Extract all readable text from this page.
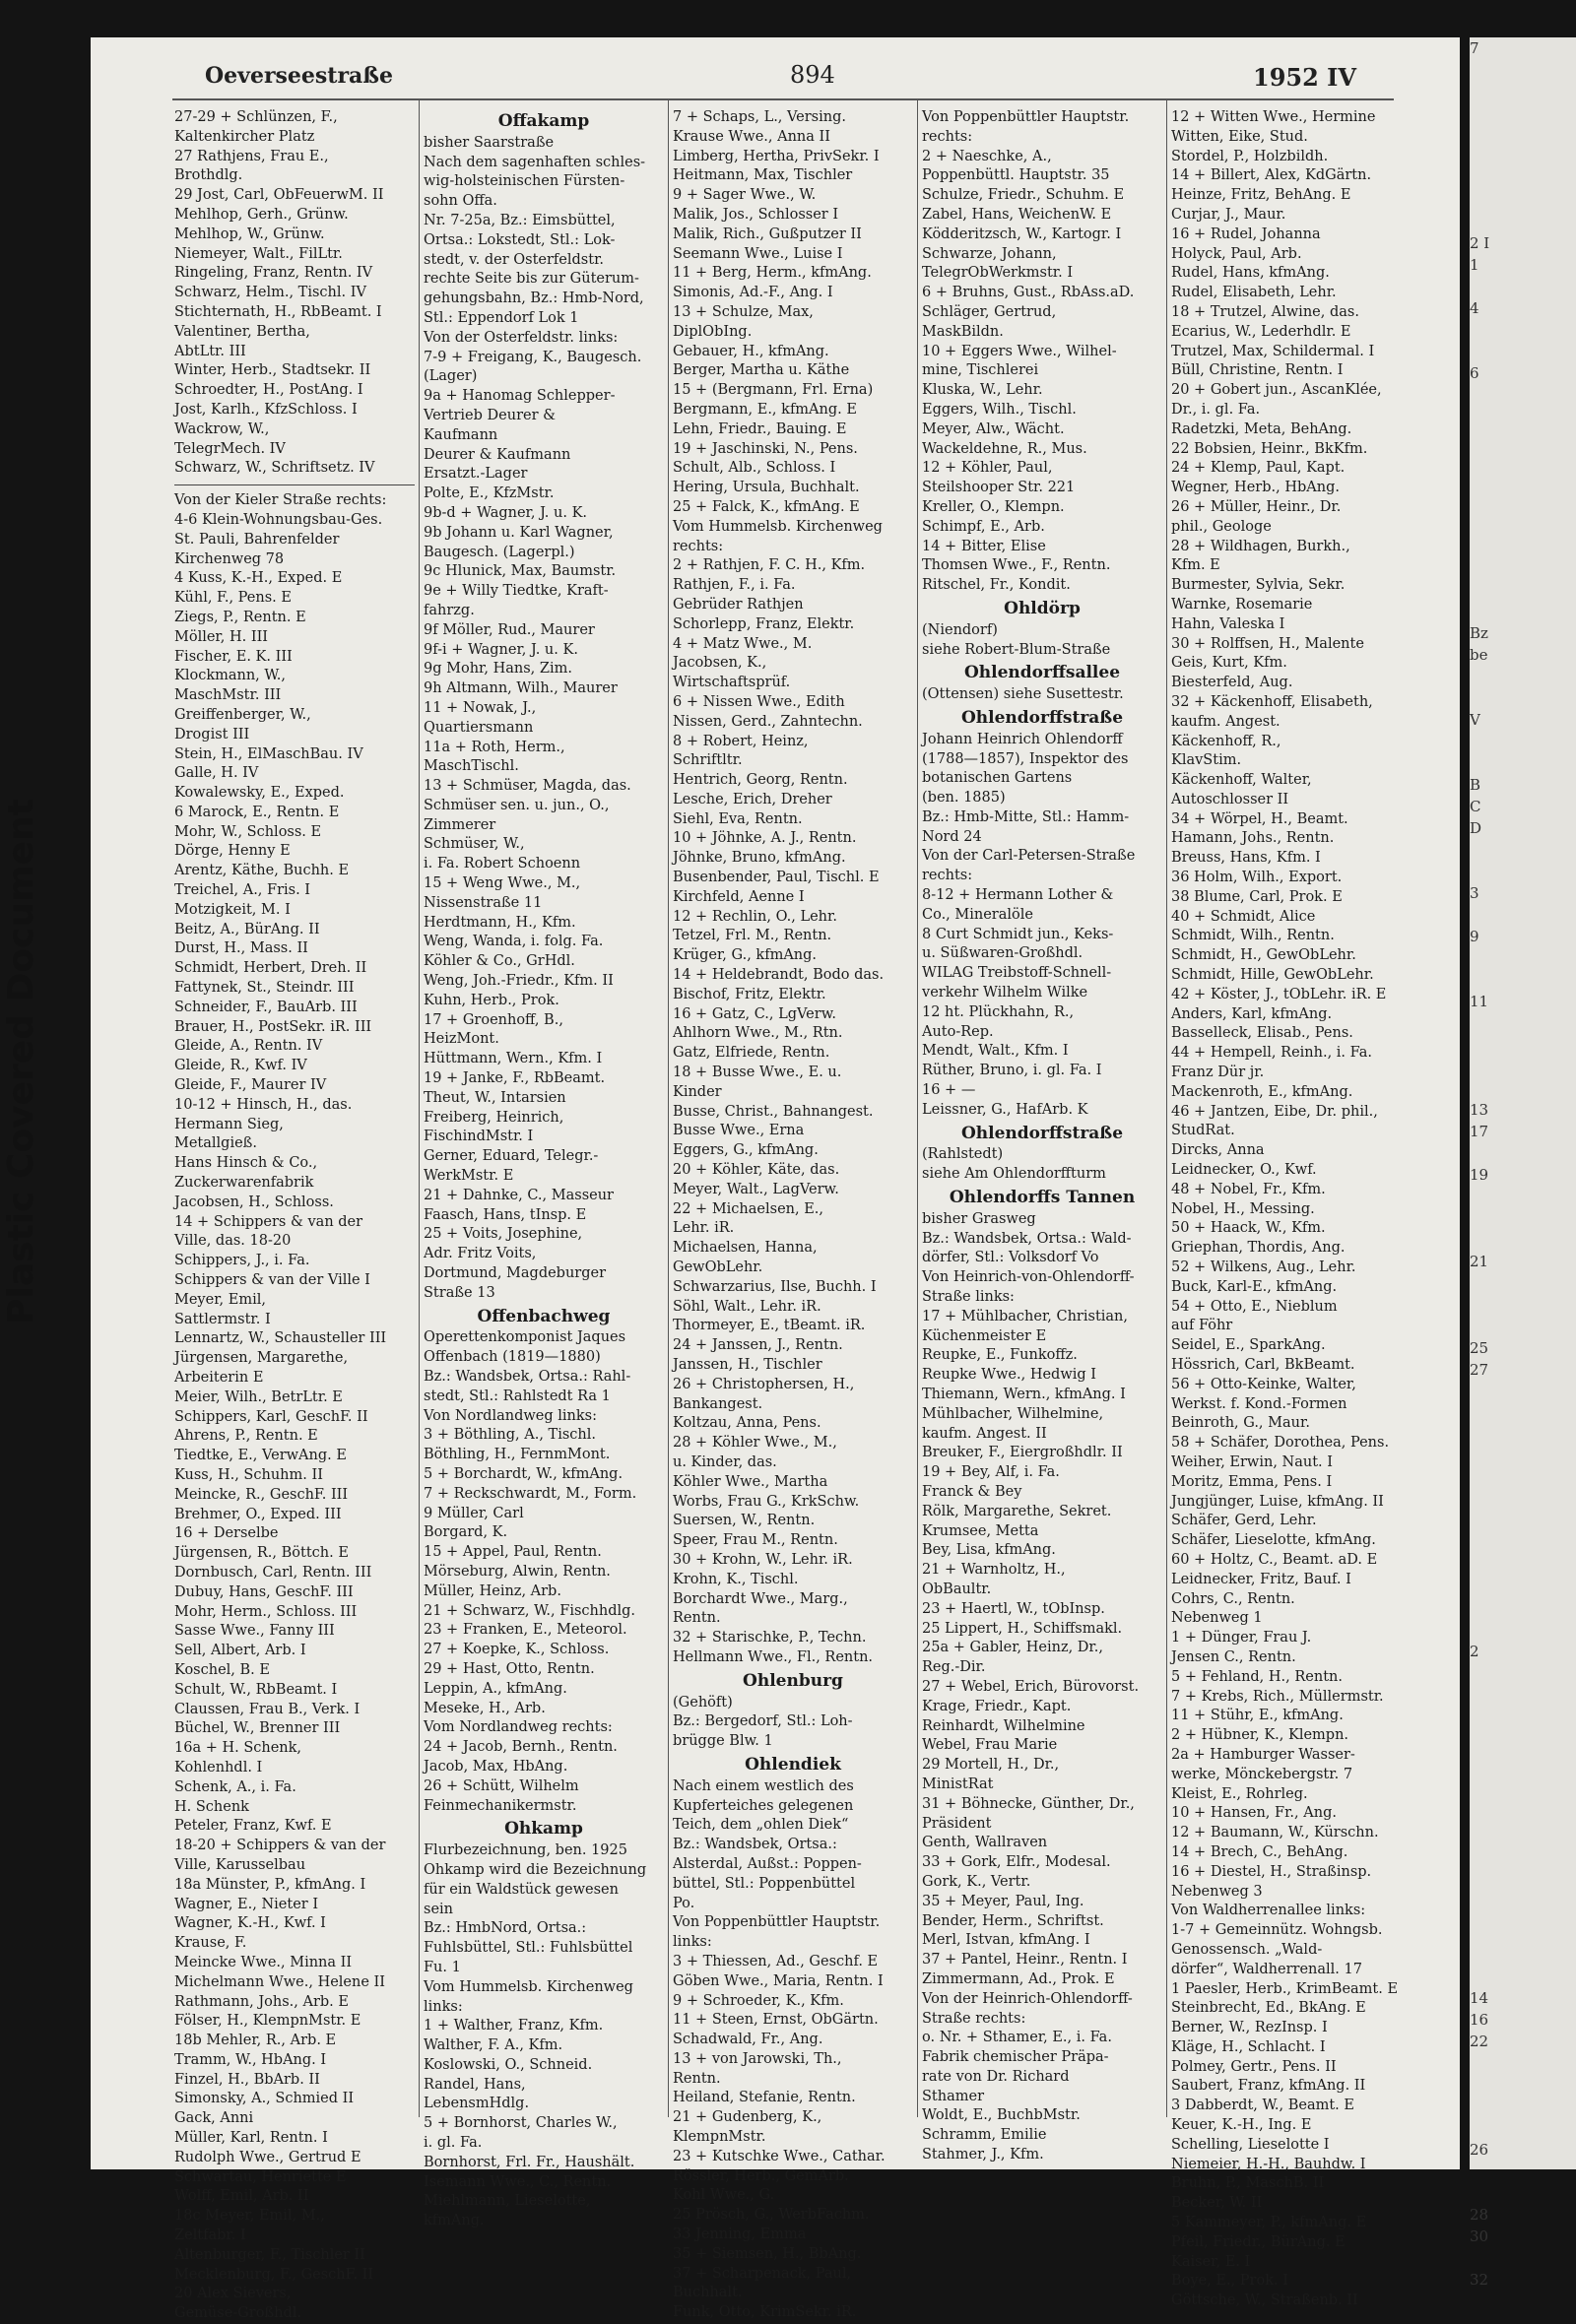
7

2 I
1

4

6

Bz
be

V

B
C
D

3

9

11

13
17

19

21

25
27

2

14
16
22

26

28
30

32
Plastic Covered Document
Oeverseestraße	894	1952 IV
27-29 + Schlünzen, F.,
Kaltenkircher Platz
27 Rathjens, Frau E.,
Brothdlg.
29 Jost, Carl, ObFeuerwM. II
Mehlhop, Gerh., Grünw.
Mehlhop, W., Grünw.
Niemeyer, Walt., FilLtr.
Ringeling, Franz, Rentn. IV
Schwarz, Helm., Tischl. IV
Stichternath, H., RbBeamt. I
Valentiner, Bertha,
AbtLtr. III
Winter, Herb., Stadtsekr. II
Schroedter, H., PostAng. I
Jost, Karlh., KfzSchloss. I
Wackrow, W.,
TelegrMech. IV
Schwarz, W., Schriftsetz. IV
Von der Kieler Straße rechts:
4-6 Klein-Wohnungsbau-Ges.
St. Pauli, Bahrenfelder
Kirchenweg 78
4 Kuss, K.-H., Exped. E
Kühl, F., Pens. E
Ziegs, P., Rentn. E
Möller, H. III
Fischer, E. K. III
Klockmann, W.,
MaschMstr. III
Greiffenberger, W.,
Drogist III
Stein, H., ElMaschBau. IV
Galle, H. IV
Kowalewsky, E., Exped.
6 Marock, E., Rentn. E
Mohr, W., Schloss. E
Dörge, Henny E
Arentz, Käthe, Buchh. E
Treichel, A., Fris. I
Motzigkeit, M. I
Beitz, A., BürAng. II
Durst, H., Mass. II
Schmidt, Herbert, Dreh. II
Fattynek, St., Steindr. III
Schneider, F., BauArb. III
Brauer, H., PostSekr. iR. III
Gleide, A., Rentn. IV
Gleide, R., Kwf. IV
Gleide, F., Maurer IV
10-12 + Hinsch, H., das.
Hermann Sieg,
Metallgieß.
Hans Hinsch & Co.,
Zuckerwarenfabrik
Jacobsen, H., Schloss.
14 + Schippers & van der
Ville, das. 18-20
Schippers, J., i. Fa.
Schippers & van der Ville I
Meyer, Emil,
Sattlermstr. I
Lennartz, W., Schausteller III
Jürgensen, Margarethe,
Arbeiterin E
Meier, Wilh., BetrLtr. E
Schippers, Karl, GeschF. II
Ahrens, P., Rentn. E
Tiedtke, E., VerwAng. E
Kuss, H., Schuhm. II
Meincke, R., GeschF. III
Brehmer, O., Exped. III
16 + Derselbe
Jürgensen, R., Böttch. E
Dornbusch, Carl, Rentn. III
Dubuy, Hans, GeschF. III
Mohr, Herm., Schloss. III
Sasse Wwe., Fanny III
Sell, Albert, Arb. I
Koschel, B. E
Schult, W., RbBeamt. I
Claussen, Frau B., Verk. I
Büchel, W., Brenner III
16a + H. Schenk,
Kohlenhdl. I
Schenk, A., i. Fa.
H. Schenk
Peteler, Franz, Kwf. E
18-20 + Schippers & van der
Ville, Karusselbau
18a Münster, P., kfmAng. I
Wagner, E., Nieter I
Wagner, K.-H., Kwf. I
Krause, F.
Meincke Wwe., Minna II
Michelmann Wwe., Helene II
Rathmann, Johs., Arb. E
Fölser, H., KlempnMstr. E
18b Mehler, R., Arb. E
Tramm, W., HbAng. I
Finzel, H., BbArb. II
Simonsky, A., Schmied II
Gack, Anni
Müller, Karl, Rentn. I
Rudolph Wwe., Gertrud E
Schwartau, Henriette E
Wolff, Emil, Arb. II
18c Meyer, Emil, M.,
Zeltfabr. I
Altenburger, F., Tischler II
Mecklenburg, F., GeschF. II
20 Alex Sievers,
Gemüse-Großhdl.
Offakamp
bisher Saarstraße
Nach dem sagenhaften schles-
wig-holsteinischen Fürsten-
sohn Offa.
Nr. 7-25a, Bz.: Eimsbüttel,
Ortsa.: Lokstedt, Stl.: Lok-
stedt, v. der Osterfeldstr.
rechte Seite bis zur Güterum-
gehungsbahn, Bz.: Hmb-Nord,
Stl.: Eppendorf Lok 1
Von der Osterfeldstr. links:
7-9 + Freigang, K., Baugesch.
(Lager)
9a + Hanomag Schlepper-
Vertrieb Deurer &
Kaufmann
Deurer & Kaufmann
Ersatzt.-Lager
Polte, E., KfzMstr.
9b-d + Wagner, J. u. K.
9b Johann u. Karl Wagner,
Baugesch. (Lagerpl.)
9c Hlunick, Max, Baumstr.
9e + Willy Tiedtke, Kraft-
fahrzg.
9f Möller, Rud., Maurer
9f-i + Wagner, J. u. K.
9g Mohr, Hans, Zim.
9h Altmann, Wilh., Maurer
11 + Nowak, J.,
Quartiersmann
11a + Roth, Herm.,
MaschTischl.
13 + Schmüser, Magda, das.
Schmüser sen. u. jun., O.,
Zimmerer
Schmüser, W.,
i. Fa. Robert Schoenn
15 + Weng Wwe., M.,
Nissenstraße 11
Herdtmann, H., Kfm.
Weng, Wanda, i. folg. Fa.
Köhler & Co., GrHdl.
Weng, Joh.-Friedr., Kfm. II
Kuhn, Herb., Prok.
17 + Groenhoff, B.,
HeizMont.
Hüttmann, Wern., Kfm. I
19 + Janke, F., RbBeamt.
Theut, W., Intarsien
Freiberg, Heinrich,
FischindMstr. I
Gerner, Eduard, Telegr.-
WerkMstr. E
21 + Dahnke, C., Masseur
Faasch, Hans, tInsp. E
25 + Voits, Josephine,
Adr. Fritz Voits,
Dortmund, Magdeburger
Straße 13
Offenbachweg
Operettenkomponist Jaques
Offenbach (1819—1880)
Bz.: Wandsbek, Ortsa.: Rahl-
stedt, Stl.: Rahlstedt Ra 1
Von Nordlandweg links:
3 + Böthling, A., Tischl.
Böthling, H., FernmMont.
5 + Borchardt, W., kfmAng.
7 + Reckschwardt, M., Form.
9 Müller, Carl
Borgard, K.
15 + Appel, Paul, Rentn.
Mörseburg, Alwin, Rentn.
Müller, Heinz, Arb.
21 + Schwarz, W., Fischhdlg.
23 + Franken, E., Meteorol.
27 + Koepke, K., Schloss.
29 + Hast, Otto, Rentn.
Leppin, A., kfmAng.
Meseke, H., Arb.
Vom Nordlandweg rechts:
24 + Jacob, Bernh., Rentn.
Jacob, Max, HbAng.
26 + Schütt, Wilhelm
Feinmechanikermstr.
Ohkamp
Flurbezeichnung, ben. 1925
Ohkamp wird die Bezeichnung
für ein Waldstück gewesen
sein
Bz.: HmbNord, Ortsa.:
Fuhlsbüttel, Stl.: Fuhlsbüttel
Fu. 1
Vom Hummelsb. Kirchenweg
links:
1 + Walther, Franz, Kfm.
Walther, F. A., Kfm.
Koslowski, O., Schneid.
Randel, Hans,
LebensmHdlg.
5 + Bornhorst, Charles W.,
i. gl. Fa.
Bornhorst, Frl. Fr., Haushält.
Isemann Wwe., C., Rentn.
Miehlmann, Lieselotte,
kfmAng.
7 + Schaps, L., Versing.
Krause Wwe., Anna II
Limberg, Hertha, PrivSekr. I
Heitmann, Max, Tischler
9 + Sager Wwe., W.
Malik, Jos., Schlosser I
Malik, Rich., Gußputzer II
Seemann Wwe., Luise I
11 + Berg, Herm., kfmAng.
Simonis, Ad.-F., Ang. I
13 + Schulze, Max,
DiplObIng.
Gebauer, H., kfmAng.
Berger, Martha u. Käthe
15 + (Bergmann, Frl. Erna)
Bergmann, E., kfmAng. E
Lehn, Friedr., Bauing. E
19 + Jaschinski, N., Pens.
Schult, Alb., Schloss. I
Hering, Ursula, Buchhalt.
25 + Falck, K., kfmAng. E
Vom Hummelsb. Kirchenweg
rechts:
2 + Rathjen, F. C. H., Kfm.
Rathjen, F., i. Fa.
Gebrüder Rathjen
Schorlepp, Franz, Elektr.
4 + Matz Wwe., M.
Jacobsen, K.,
Wirtschaftsprüf.
6 + Nissen Wwe., Edith
Nissen, Gerd., Zahntechn.
8 + Robert, Heinz,
Schriftltr.
Hentrich, Georg, Rentn.
Lesche, Erich, Dreher
Siehl, Eva, Rentn.
10 + Jöhnke, A. J., Rentn.
Jöhnke, Bruno, kfmAng.
Busenbender, Paul, Tischl. E
Kirchfeld, Aenne I
12 + Rechlin, O., Lehr.
Tetzel, Frl. M., Rentn.
Krüger, G., kfmAng.
14 + Heldebrandt, Bodo das.
Bischof, Fritz, Elektr.
16 + Gatz, C., LgVerw.
Ahlhorn Wwe., M., Rtn.
Gatz, Elfriede, Rentn.
18 + Busse Wwe., E. u.
Kinder
Busse, Christ., Bahnangest.
Busse Wwe., Erna
Eggers, G., kfmAng.
20 + Köhler, Käte, das.
Meyer, Walt., LagVerw.
22 + Michaelsen, E.,
Lehr. iR.
Michaelsen, Hanna,
GewObLehr.
Schwarzarius, Ilse, Buchh. I
Söhl, Walt., Lehr. iR.
Thormeyer, E., tBeamt. iR.
24 + Janssen, J., Rentn.
Janssen, H., Tischler
26 + Christophersen, H.,
Bankangest.
Koltzau, Anna, Pens.
28 + Köhler Wwe., M.,
u. Kinder, das.
Köhler Wwe., Martha
Worbs, Frau G., KrkSchw.
Suersen, W., Rentn.
Speer, Frau M., Rentn.
30 + Krohn, W., Lehr. iR.
Krohn, K., Tischl.
Borchardt Wwe., Marg.,
Rentn.
32 + Starischke, P., Techn.
Hellmann Wwe., Fl., Rentn.
Ohlenburg
(Gehöft)
Bz.: Bergedorf, Stl.: Loh-
brügge Blw. 1
Ohlendiek
Nach einem westlich des
Kupferteiches gelegenen
Teich, dem „ohlen Diek“
Bz.: Wandsbek, Ortsa.:
Alsterdal, Außst.: Poppen-
büttel, Stl.: Poppenbüttel
Po.
Von Poppenbüttler Hauptstr.
links:
3 + Thiessen, Ad., Geschf. E
Göben Wwe., Maria, Rentn. I
9 + Schroeder, K., Kfm.
11 + Steen, Ernst, ObGärtn.
Schadwald, Fr., Ang.
13 + von Jarowski, Th.,
Rentn.
Heiland, Stefanie, Rentn.
21 + Gudenberg, K.,
KlempnMstr.
23 + Kutschke Wwe., Cathar.
Rössler, Herb., GemArb.
Kohl Wwe., G.
25 Prösch, G., WerbFachm.
33 Jenning, Emma
35 + Siemsen, H., BbAng.
37 + Scharpenack, Paul,
Buchhalt.
Funk, Otto, KrimSekr. iR.
Von Poppenbüttler Hauptstr.
rechts:
2 + Naeschke, A.,
Poppenbüttl. Hauptstr. 35
Schulze, Friedr., Schuhm. E
Zabel, Hans, WeichenW. E
Ködderitzsch, W., Kartogr. I
Schwarze, Johann,
TelegrObWerkmstr. I
6 + Bruhns, Gust., RbAss.aD.
Schläger, Gertrud,
MaskBildn.
10 + Eggers Wwe., Wilhel-
mine, Tischlerei
Kluska, W., Lehr.
Eggers, Wilh., Tischl.
Meyer, Alw., Wächt.
Wackeldehne, R., Mus.
12 + Köhler, Paul,
Steilshooper Str. 221
Kreller, O., Klempn.
Schimpf, E., Arb.
14 + Bitter, Elise
Thomsen Wwe., F., Rentn.
Ritschel, Fr., Kondit.
Ohldörp
(Niendorf)
siehe Robert-Blum-Straße
Ohlendorffsallee
(Ottensen) siehe Susettestr.
Ohlendorffstraße
Johann Heinrich Ohlendorff
(1788—1857), Inspektor des
botanischen Gartens
(ben. 1885)
Bz.: Hmb-Mitte, Stl.: Hamm-
Nord 24
Von der Carl-Petersen-Straße
rechts:
8-12 + Hermann Lother &
Co., Mineralöle
8 Curt Schmidt jun., Keks-
u. Süßwaren-Großhdl.
WILAG Treibstoff-Schnell-
verkehr Wilhelm Wilke
12 ht. Plückhahn, R.,
Auto-Rep.
Mendt, Walt., Kfm. I
Rüther, Bruno, i. gl. Fa. I
16 + —
Leissner, G., HafArb. K
Ohlendorffstraße
(Rahlstedt)
siehe Am Ohlendorffturm
Ohlendorffs Tannen
bisher Grasweg
Bz.: Wandsbek, Ortsa.: Wald-
dörfer, Stl.: Volksdorf Vo
Von Heinrich-von-Ohlendorff-
Straße links:
17 + Mühlbacher, Christian,
Küchenmeister E
Reupke, E., Funkoffz.
Reupke Wwe., Hedwig I
Thiemann, Wern., kfmAng. I
Mühlbacher, Wilhelmine,
kaufm. Angest. II
Breuker, F., Eiergroßhdlr. II
19 + Bey, Alf, i. Fa.
Franck & Bey
Rölk, Margarethe, Sekret.
Krumsee, Metta
Bey, Lisa, kfmAng.
21 + Warnholtz, H.,
ObBaultr.
23 + Haertl, W., tObInsp.
25 Lippert, H., Schiffsmakl.
25a + Gabler, Heinz, Dr.,
Reg.-Dir.
27 + Webel, Erich, Bürovorst.
Krage, Friedr., Kapt.
Reinhardt, Wilhelmine
Webel, Frau Marie
29 Mortell, H., Dr.,
MinistRat
31 + Böhnecke, Günther, Dr.,
Präsident
Genth, Wallraven
33 + Gork, Elfr., Modesal.
Gork, K., Vertr.
35 + Meyer, Paul, Ing.
Bender, Herm., Schriftst.
Merl, Istvan, kfmAng. I
37 + Pantel, Heinr., Rentn. I
Zimmermann, Ad., Prok. E
Von der Heinrich-Ohlendorff-
Straße rechts:
o. Nr. + Sthamer, E., i. Fa.
Fabrik chemischer Präpa-
rate von Dr. Richard
Sthamer
Woldt, E., BuchbMstr.
Schramm, Emilie
Stahmer, J., Kfm.
12 + Witten Wwe., Hermine
Witten, Eike, Stud.
Stordel, P., Holzbildh.
14 + Billert, Alex, KdGärtn.
Heinze, Fritz, BehAng. E
Curjar, J., Maur.
16 + Rudel, Johanna
Holyck, Paul, Arb.
Rudel, Hans, kfmAng.
Rudel, Elisabeth, Lehr.
18 + Trutzel, Alwine, das.
Ecarius, W., Lederhdlr. E
Trutzel, Max, Schildermal. I
Büll, Christine, Rentn. I
20 + Gobert jun., AscanKlée,
Dr., i. gl. Fa.
Radetzki, Meta, BehAng.
22 Bobsien, Heinr., BkKfm.
24 + Klemp, Paul, Kapt.
Wegner, Herb., HbAng.
26 + Müller, Heinr., Dr.
phil., Geologe
28 + Wildhagen, Burkh.,
Kfm. E
Burmester, Sylvia, Sekr.
Warnke, Rosemarie
Hahn, Valeska I
30 + Rolffsen, H., Malente
Geis, Kurt, Kfm.
Biesterfeld, Aug.
32 + Käckenhoff, Elisabeth,
kaufm. Angest.
Käckenhoff, R.,
KlavStim.
Käckenhoff, Walter,
Autoschlosser II
34 + Wörpel, H., Beamt.
Hamann, Johs., Rentn.
Breuss, Hans, Kfm. I
36 Holm, Wilh., Export.
38 Blume, Carl, Prok. E
40 + Schmidt, Alice
Schmidt, Wilh., Rentn.
Schmidt, H., GewObLehr.
Schmidt, Hille, GewObLehr.
42 + Köster, J., tObLehr. iR. E
Anders, Karl, kfmAng.
Basselleck, Elisab., Pens.
44 + Hempell, Reinh., i. Fa.
Franz Dür jr.
Mackenroth, E., kfmAng.
46 + Jantzen, Eibe, Dr. phil.,
StudRat.
Dircks, Anna
Leidnecker, O., Kwf.
48 + Nobel, Fr., Kfm.
Nobel, H., Messing.
50 + Haack, W., Kfm.
Griephan, Thordis, Ang.
52 + Wilkens, Aug., Lehr.
Buck, Karl-E., kfmAng.
54 + Otto, E., Nieblum
auf Föhr
Seidel, E., SparkAng.
Hössrich, Carl, BkBeamt.
56 + Otto-Keinke, Walter,
Werkst. f. Kond.-Formen
Beinroth, G., Maur.
58 + Schäfer, Dorothea, Pens.
Weiher, Erwin, Naut. I
Moritz, Emma, Pens. I
Jungjünger, Luise, kfmAng. II
Schäfer, Gerd, Lehr.
Schäfer, Lieselotte, kfmAng.
60 + Holtz, C., Beamt. aD. E
Leidnecker, Fritz, Bauf. I
Cohrs, C., Rentn.
Nebenweg 1
1 + Dünger, Frau J.
Jensen C., Rentn.
5 + Fehland, H., Rentn.
7 + Krebs, Rich., Müllermstr.
11 + Stühr, E., kfmAng.
2 + Hübner, K., Klempn.
2a + Hamburger Wasser-
werke, Mönckebergstr. 7
Kleist, E., Rohrleg.
10 + Hansen, Fr., Ang.
12 + Baumann, W., Kürschn.
14 + Brech, C., BehAng.
16 + Diestel, H., Straßinsp.
Nebenweg 3
Von Waldherrenallee links:
1-7 + Gemeinnütz. Wohngsb.
Genossensch. „Wald-
dörfer“, Waldherrenall. 17
1 Paesler, Herb., KrimBeamt. E
Steinbrecht, Ed., BkAng. E
Berner, W., RezInsp. I
Kläge, H., Schlacht. I
Polmey, Gertr., Pens. II
Saubert, Franz, kfmAng. II
3 Dabberdt, W., Beamt. E
Keuer, K.-H., Ing. E
Schelling, Lieselotte I
Niemeier, H.-H., Bauhdw. I
Bruhn, P., MaschB. II
Becker, W. II
5 Kammeyer, P., kfmAng. E
Pfeil, Friedr., BürAng. E
Kaiser, E. I
Boye, E., Prok. I
Göttsche, W., Straßenb. II
